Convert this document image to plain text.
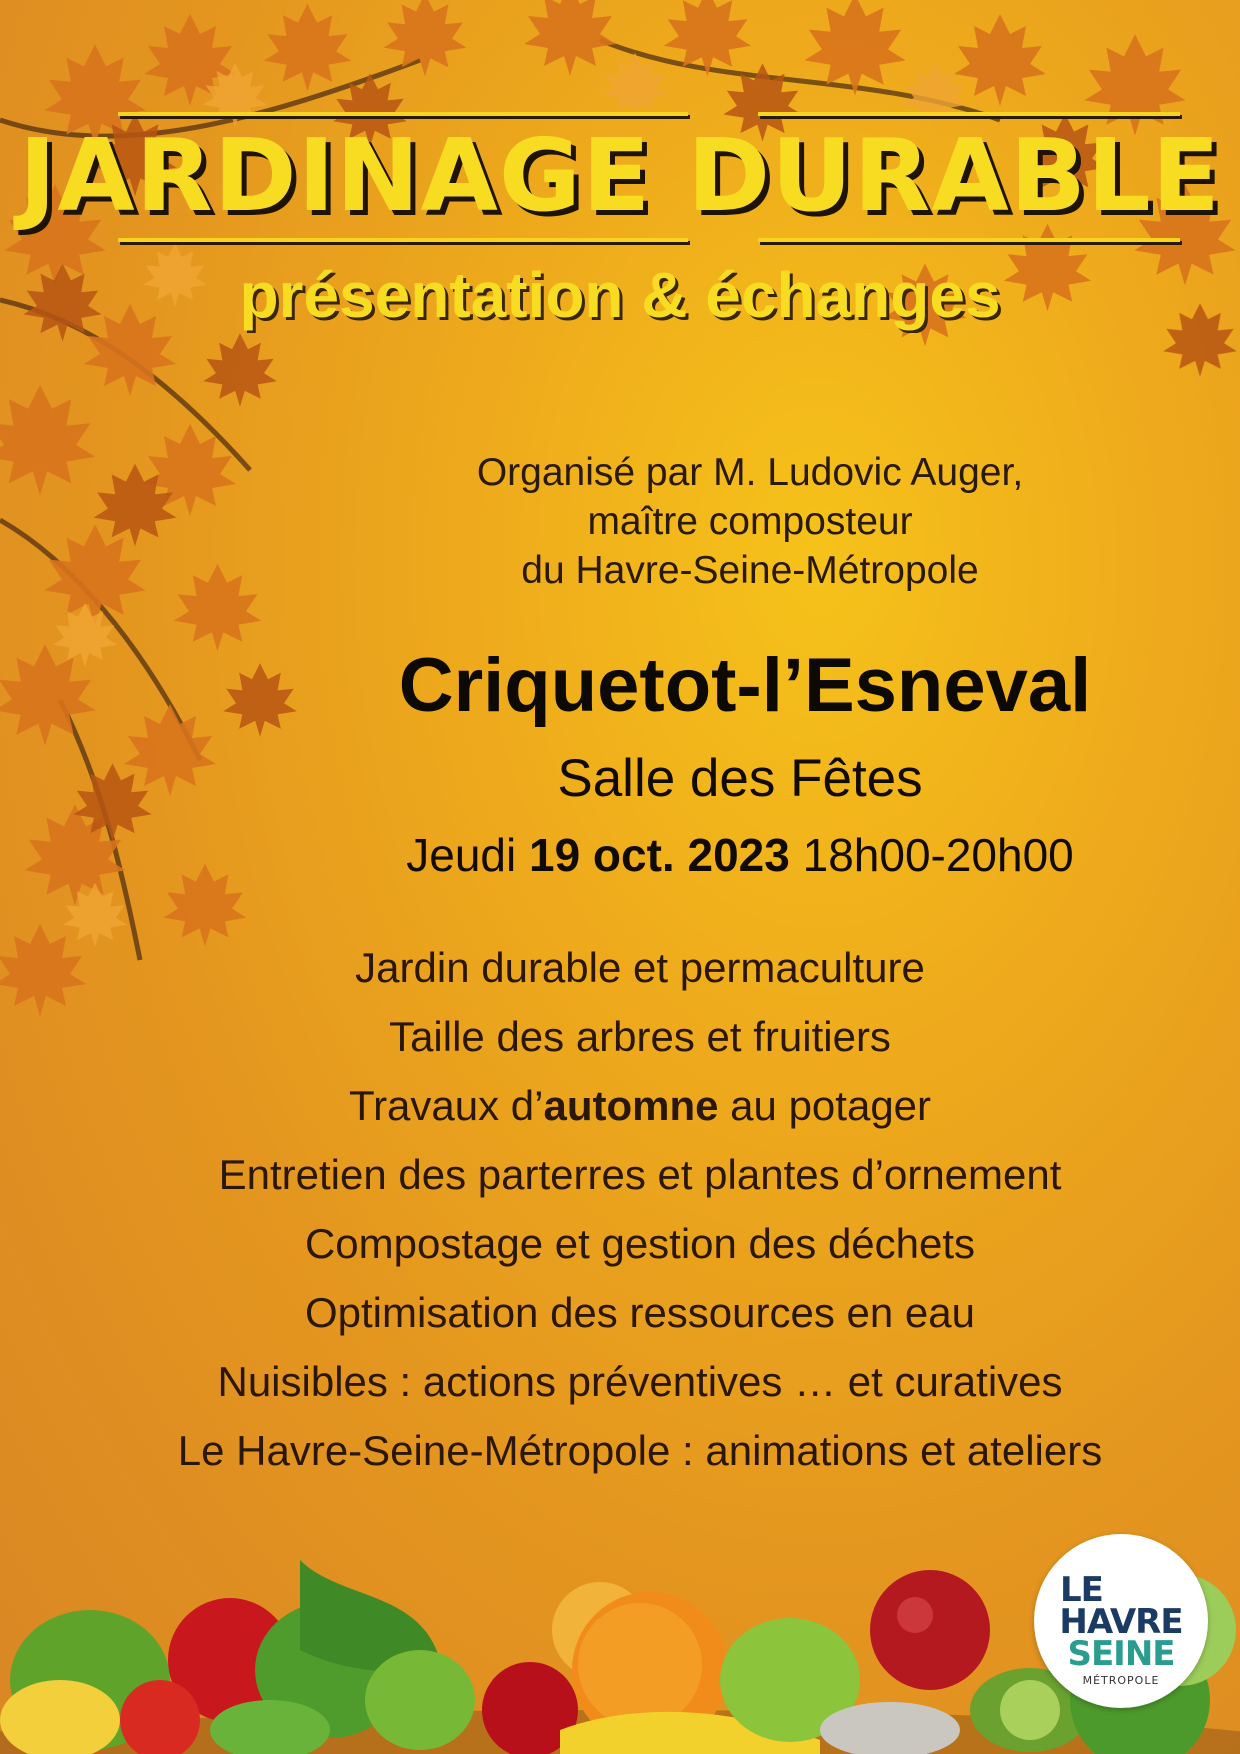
JARDINAGE DURABLE
présentation & échanges
Organisé par M. Ludovic Auger,
maître composteur
du Havre-Seine-Métropole
Criquetot-l’Esneval
Salle des Fêtes
Jeudi 19 oct. 2023 18h00-20h00
Jardin durable et permaculture
Taille des arbres et fruitiers
Travaux d’automne au potager
Entretien des parterres et plantes d’ornement
Compostage et gestion des déchets
Optimisation des ressources en eau
Nuisibles : actions préventives … et curatives
Le Havre-Seine-Métropole : animations et ateliers
LE
HAVRE
SEINE
MÉTROPOLE
